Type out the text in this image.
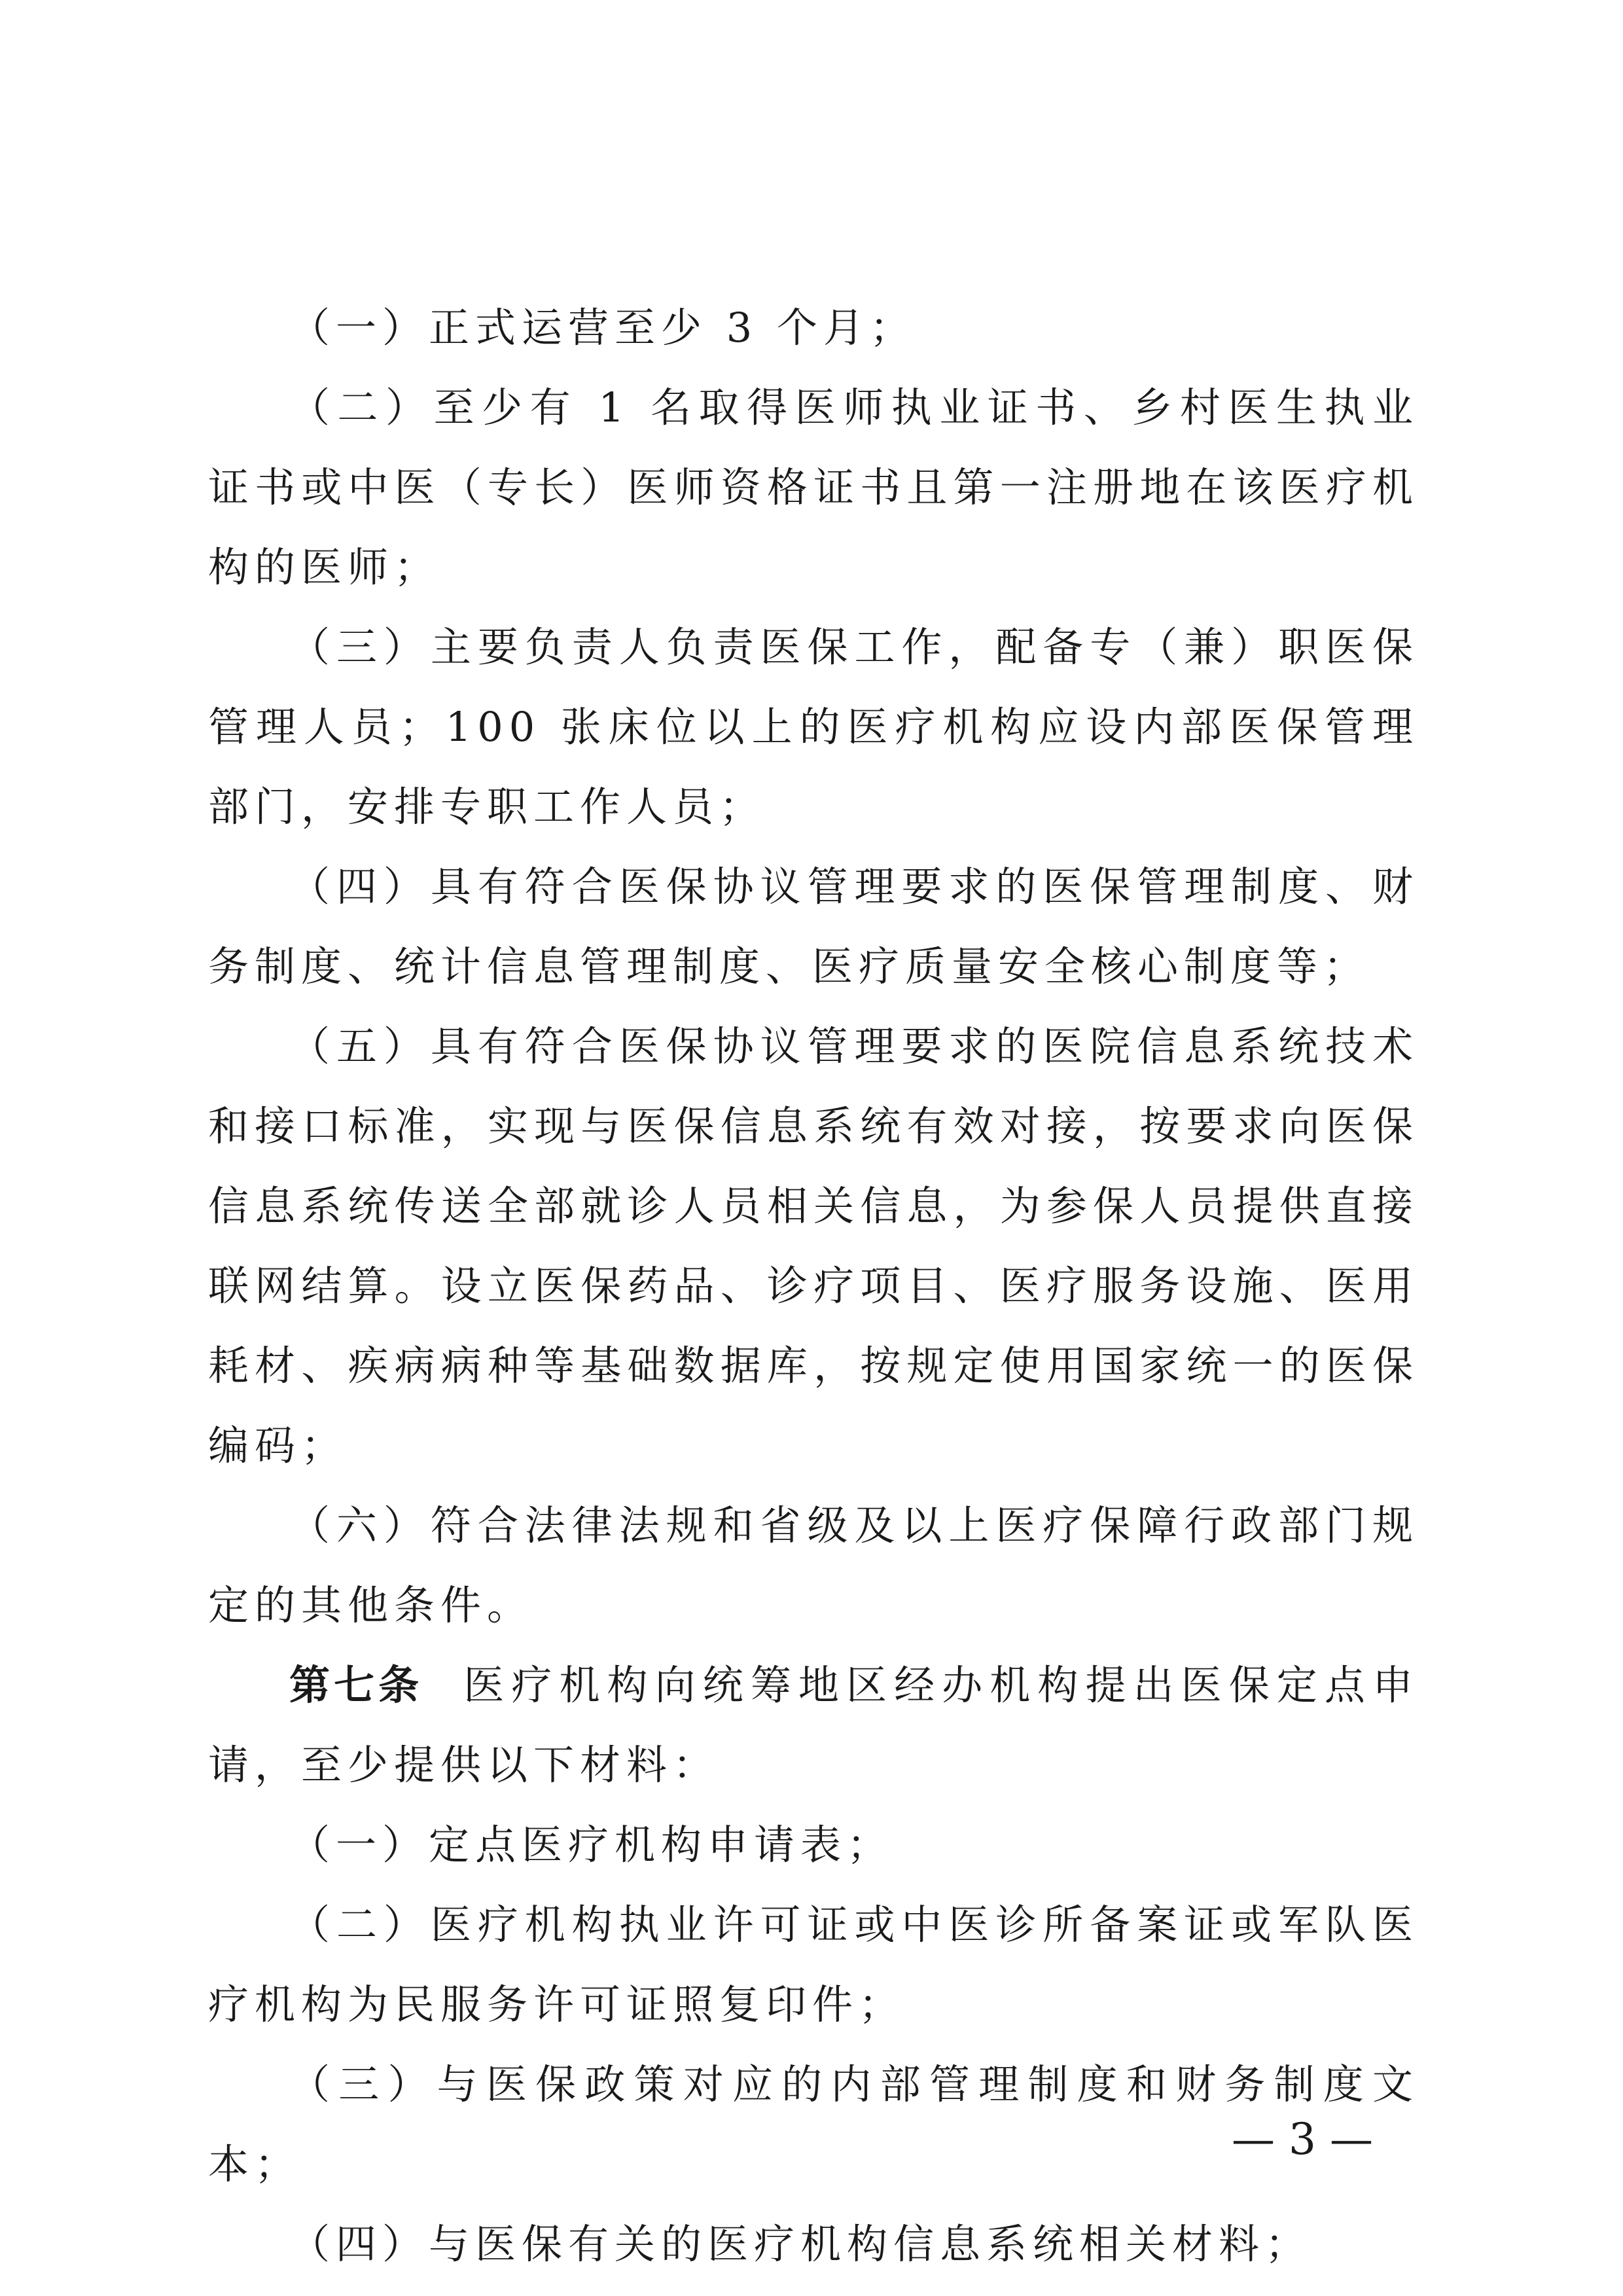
（一）正式运营至少 3 个月；

（二）至少有 1 名取得医师执业证书、乡村医生执业证书或中医（专长）医师资格证书且第一注册地在该医疗机构的医师；

（三）主要负责人负责医保工作，配备专（兼）职医保管理人员；100 张床位以上的医疗机构应设内部医保管理部门，安排专职工作人员；

（四）具有符合医保协议管理要求的医保管理制度、财务制度、统计信息管理制度、医疗质量安全核心制度等；

（五）具有符合医保协议管理要求的医院信息系统技术和接口标准，实现与医保信息系统有效对接，按要求向医保信息系统传送全部就诊人员相关信息，为参保人员提供直接联网结算。设立医保药品、诊疗项目、医疗服务设施、医用耗材、疾病病种等基础数据库，按规定使用国家统一的医保编码；

（六）符合法律法规和省级及以上医疗保障行政部门规定的其他条件。

第七条 医疗机构向统筹地区经办机构提出医保定点申请，至少提供以下材料：

（一）定点医疗机构申请表；

（二）医疗机构执业许可证或中医诊所备案证或军队医疗机构为民服务许可证照复印件；

（三）与医保政策对应的内部管理制度和财务制度文本；

（四）与医保有关的医疗机构信息系统相关材料；

— 3 —
